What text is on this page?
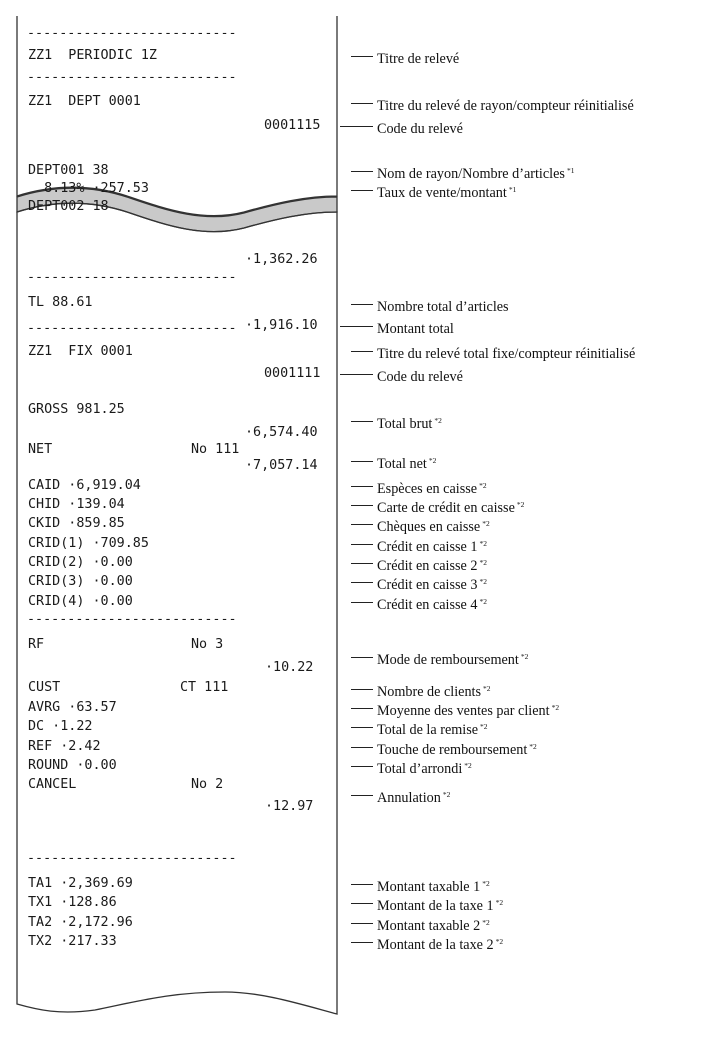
--------------------------
--------------------------
--------------------------
--------------------------
--------------------------
--------------------------
ZZ1  PERIODIC 1Z
ZZ1  DEPT 0001
0001115
DEPT001 38
8.13% ·257.53
DEPT002 18
·1,362.26
TL 88.61
·1,916.10
ZZ1  FIX 0001
0001111
GROSS 981.25
·6,574.40
NET	No 111
·7,057.14
CAID ·6,919.04
CHID ·139.04
CKID ·859.85
CRID(1) ·709.85
CRID(2) ·0.00
CRID(3) ·0.00
CRID(4) ·0.00
RF	No 3
·10.22
CUST	CT 111
AVRG ·63.57
DC ·1.22
REF ·2.42
ROUND ·0.00
CANCEL	No 2
·12.97
TA1 ·2,369.69
TX1 ·128.86
TA2 ·2,172.96
TX2 ·217.33
Titre de relevé
Titre du relevé de rayon/compteur réinitialisé
Code du relevé
Nom de rayon/Nombre d’articles $^{*1}$
Taux de vente/montant $^{*1}$
Nombre total d’articles
Montant total
Titre du relevé total fixe/compteur réinitialisé
Code du relevé
Total brut $^{*2}$
Total net $^{*2}$
Espèces en caisse $^{*2}$
Carte de crédit en caisse $^{*2}$
Chèques en caisse $^{*2}$
Crédit en caisse 1 $^{*2}$
Crédit en caisse 2 $^{*2}$
Crédit en caisse 3 $^{*2}$
Crédit en caisse 4 $^{*2}$
Mode de remboursement $^{*2}$
Nombre de clients $^{*2}$
Moyenne des ventes par client $^{*2}$
Total de la remise $^{*2}$
Touche de remboursement $^{*2}$
Total d’arrondi $^{*2}$
Annulation $^{*2}$
Montant taxable 1 $^{*2}$
Montant de la taxe 1 $^{*2}$
Montant taxable 2 $^{*2}$
Montant de la taxe 2 $^{*2}$
